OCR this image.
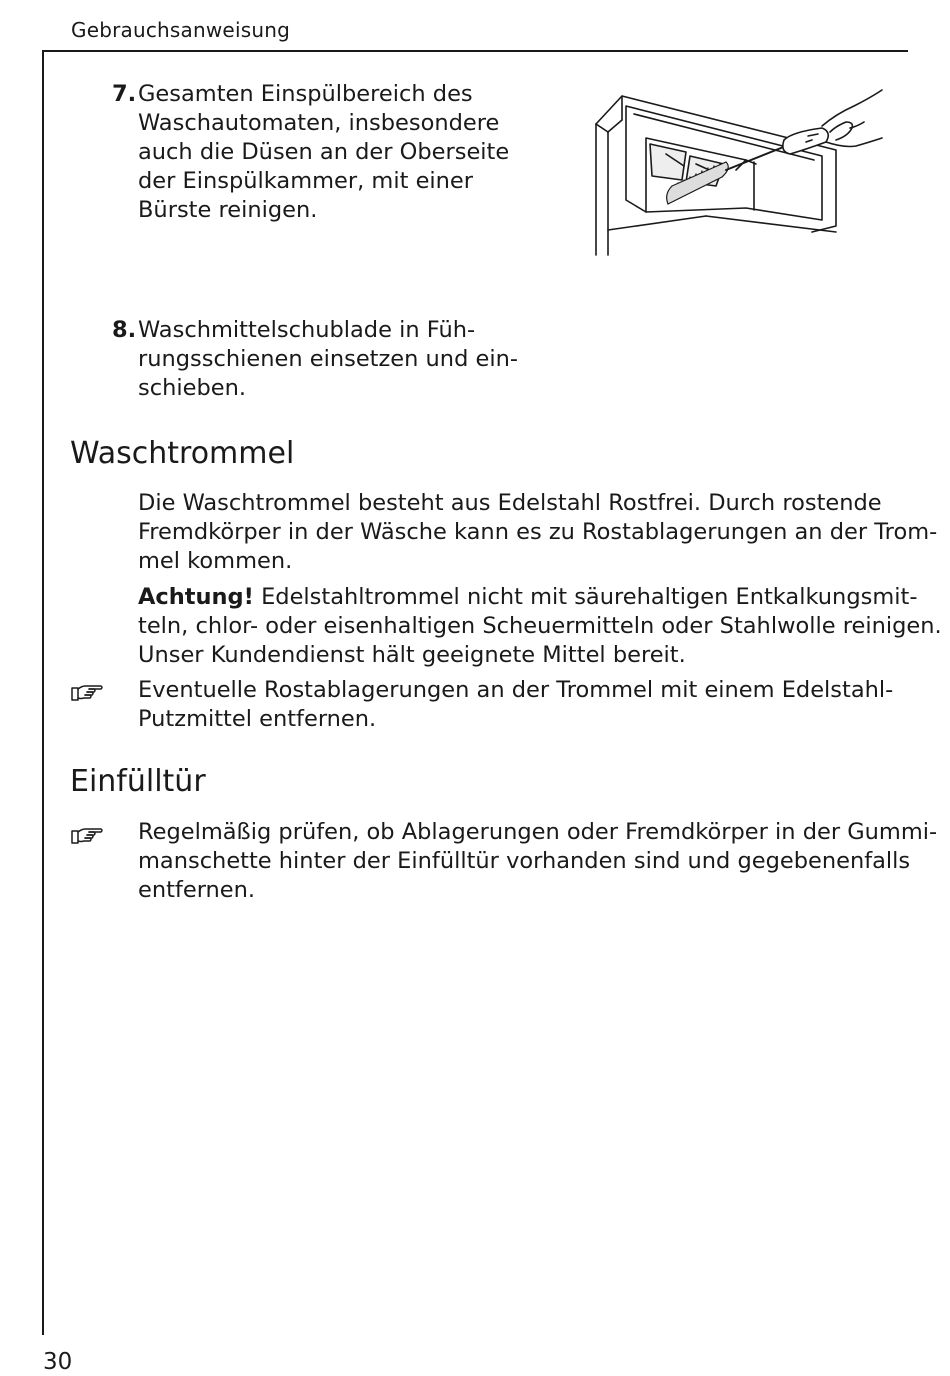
Gebrauchsanweisung
7. Gesamten Einspülbereich des
Waschautomaten, insbesondere
auch die Düsen an der Oberseite
der Einspülkammer, mit einer
Bürste reinigen.
8. Waschmittelschublade in Füh-
rungsschienen einsetzen und ein-
schieben.
Waschtrommel

Die Waschtrommel besteht aus Edelstahl Rostfrei. Durch rostende
Fremdkörper in der Wäsche kann es zu Rostablagerungen an der Trom-
mel kommen.

Achtung! Edelstahltrommel nicht mit säurehaltigen Entkalkungsmit-
teln, chlor- oder eisenhaltigen Scheuermitteln oder Stahlwolle reinigen.
Unser Kundendienst hält geeignete Mittel bereit.

Eventuelle Rostablagerungen an der Trommel mit einem Edelstahl-
Putzmittel entfernen.

Einfülltür

Regelmäßig prüfen, ob Ablagerungen oder Fremdkörper in der Gummi-
manschette hinter der Einfülltür vorhanden sind und gegebenenfalls
entfernen.

30
